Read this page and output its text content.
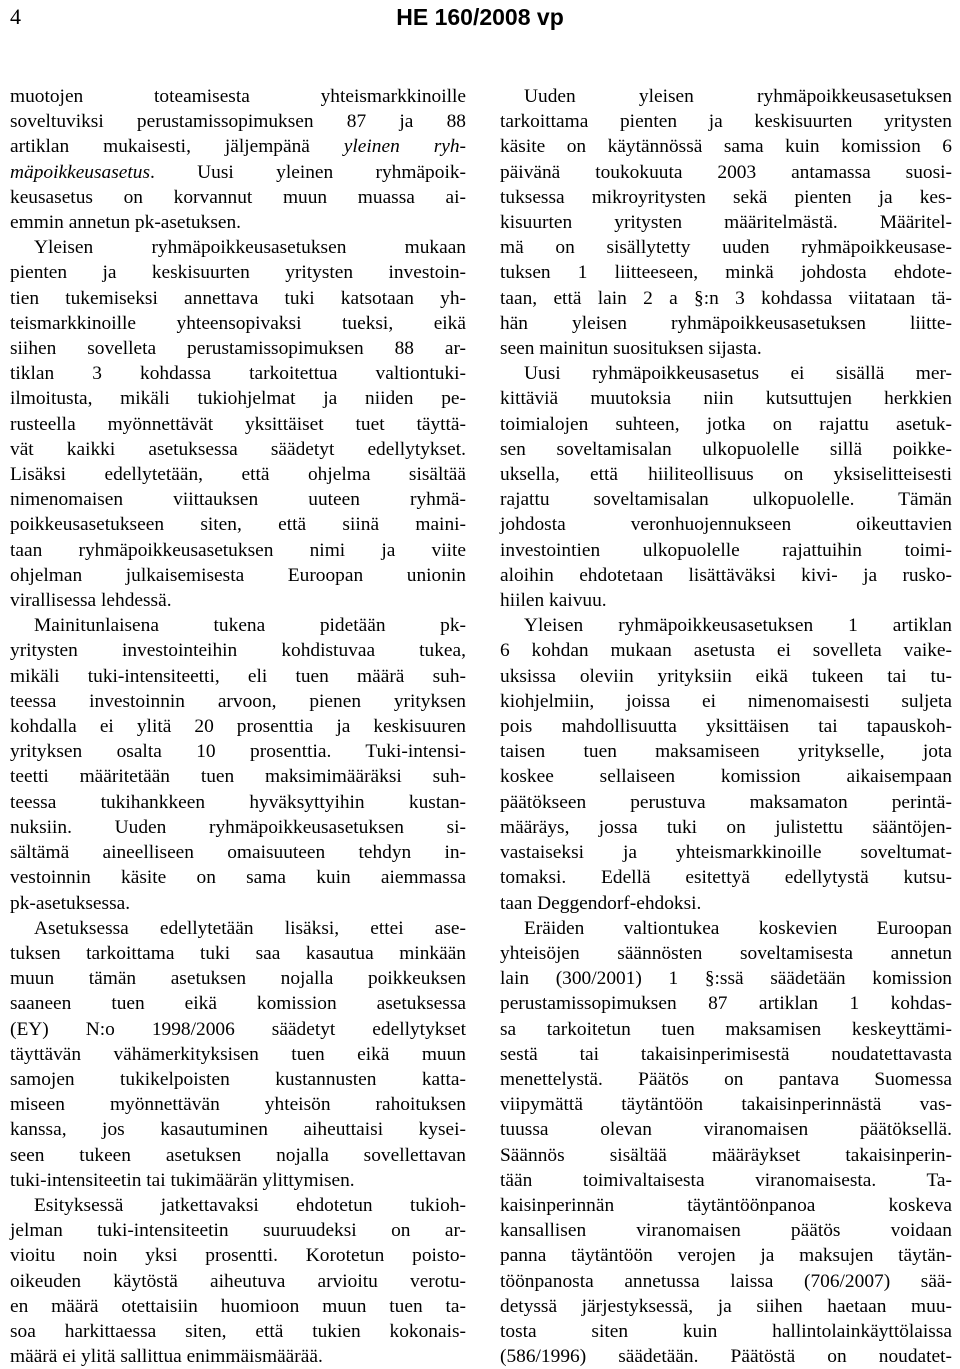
4	HE 160/2008 vp

muotojen toteamisesta yhteismarkkinoille
soveltuviksi perustamissopimuksen 87 ja 88
artiklan mukaisesti, jäljempänä yleinen ryh-
mäpoikkeusasetus. Uusi yleinen ryhmäpoik-
keusasetus on korvannut muun muassa ai-
emmin annetun pk-asetuksen.

Yleisen ryhmäpoikkeusasetuksen mukaan
pienten ja keskisuurten yritysten investoin-
tien tukemiseksi annettava tuki katsotaan yh-
teismarkkinoille yhteensopivaksi tueksi, eikä
siihen sovelleta perustamissopimuksen 88 ar-
tiklan 3 kohdassa tarkoitettua valtiontuki-
ilmoitusta, mikäli tukiohjelmat ja niiden pe-
rusteella myönnettävät yksittäiset tuet täyttä-
vät kaikki asetuksessa säädetyt edellytykset.
Lisäksi edellytetään, että ohjelma sisältää
nimenomaisen viittauksen uuteen ryhmä-
poikkeusasetukseen siten, että siinä maini-
taan ryhmäpoikkeusasetuksen nimi ja viite
ohjelman julkaisemisesta Euroopan unionin
virallisessa lehdessä.

Mainitunlaisena tukena pidetään pk-
yritysten investointeihin kohdistuvaa tukea,
mikäli tuki-intensiteetti, eli tuen määrä suh-
teessa investoinnin arvoon, pienen yrityksen
kohdalla ei ylitä 20 prosenttia ja keskisuuren
yrityksen osalta 10 prosenttia. Tuki-intensi-
teetti määritetään tuen maksimimääräksi suh-
teessa tukihankkeen hyväksyttyihin kustan-
nuksiin. Uuden ryhmäpoikkeusasetuksen si-
sältämä aineelliseen omaisuuteen tehdyn in-
vestoinnin käsite on sama kuin aiemmassa
pk-asetuksessa.

Asetuksessa edellytetään lisäksi, ettei ase-
tuksen tarkoittama tuki saa kasautua minkään
muun tämän asetuksen nojalla poikkeuksen
saaneen tuen eikä komission asetuksessa
(EY) N:o 1998/2006 säädetyt edellytykset
täyttävän vähämerkityksisen tuen eikä muun
samojen tukikelpoisten kustannusten katta-
miseen myönnettävän yhteisön rahoituksen
kanssa, jos kasautuminen aiheuttaisi kysei-
seen tukeen asetuksen nojalla sovellettavan
tuki-intensiteetin tai tukimäärän ylittymisen.

Esityksessä jatkettavaksi ehdotetun tukioh-
jelman tuki-intensiteetin suuruudeksi on ar-
vioitu noin yksi prosentti. Korotetun poisto-
oikeuden käytöstä aiheutuva arvioitu verotu-
en määrä otettaisiin huomioon muun tuen ta-
soa harkittaessa siten, että tukien kokonais-
määrä ei ylitä sallittua enimmäismäärää.

Uuden yleisen ryhmäpoikkeusasetuksen
tarkoittama pienten ja keskisuurten yritysten
käsite on käytännössä sama kuin komission 6
päivänä toukokuuta 2003 antamassa suosi-
tuksessa mikroyritysten sekä pienten ja kes-
kisuurten yritysten määritelmästä. Määritel-
mä on sisällytetty uuden ryhmäpoikkeusase-
tuksen 1 liitteeseen, minkä johdosta ehdote-
taan, että lain 2 a §:n 3 kohdassa viitataan tä-
hän yleisen ryhmäpoikkeusasetuksen liitte-
seen mainitun suosituksen sijasta.

Uusi ryhmäpoikkeusasetus ei sisällä mer-
kittäviä muutoksia niin kutsuttujen herkkien
toimialojen suhteen, jotka on rajattu asetuk-
sen soveltamisalan ulkopuolelle sillä poikke-
uksella, että hiiliteollisuus on yksiselitteisesti
rajattu soveltamisalan ulkopuolelle. Tämän
johdosta veronhuojennukseen oikeuttavien
investointien ulkopuolelle rajattuihin toimi-
aloihin ehdotetaan lisättäväksi kivi- ja rusko-
hiilen kaivuu.

Yleisen ryhmäpoikkeusasetuksen 1 artiklan
6 kohdan mukaan asetusta ei sovelleta vaike-
uksissa oleviin yrityksiin eikä tukeen tai tu-
kiohjelmiin, joissa ei nimenomaisesti suljeta
pois mahdollisuutta yksittäisen tai tapauskoh-
taisen tuen maksamiseen yritykselle, jota
koskee sellaiseen komission aikaisempaan
päätökseen perustuva maksamaton perintä-
määräys, jossa tuki on julistettu sääntöjen-
vastaiseksi ja yhteismarkkinoille soveltumat-
tomaksi. Edellä esitettyä edellytystä kutsu-
taan Deggendorf-ehdoksi.

Eräiden valtiontukea koskevien Euroopan
yhteisöjen säännösten soveltamisesta annetun
lain (300/2001) 1 §:ssä säädetään komission
perustamissopimuksen 87 artiklan 1 kohdas-
sa tarkoitetun tuen maksamisen keskeyttämi-
sestä tai takaisinperimisestä noudatettavasta
menettelystä. Päätös on pantava Suomessa
viipymättä täytäntöön takaisinperinnästä vas-
tuussa olevan viranomaisen päätöksellä.
Säännös sisältää määräykset takaisinperin-
tään toimivaltaisesta viranomaisesta. Ta-
kaisinperinnän täytäntöönpanoa koskeva
kansallisen viranomaisen päätös voidaan
panna täytäntöön verojen ja maksujen täytän-
töönpanosta annetussa laissa (706/2007) sää-
detyssä järjestyksessä, ja siihen haetaan muu-
tosta siten kuin hallintolainkäyttölaissa
(586/1996) säädetään. Päätöstä on noudatet-
